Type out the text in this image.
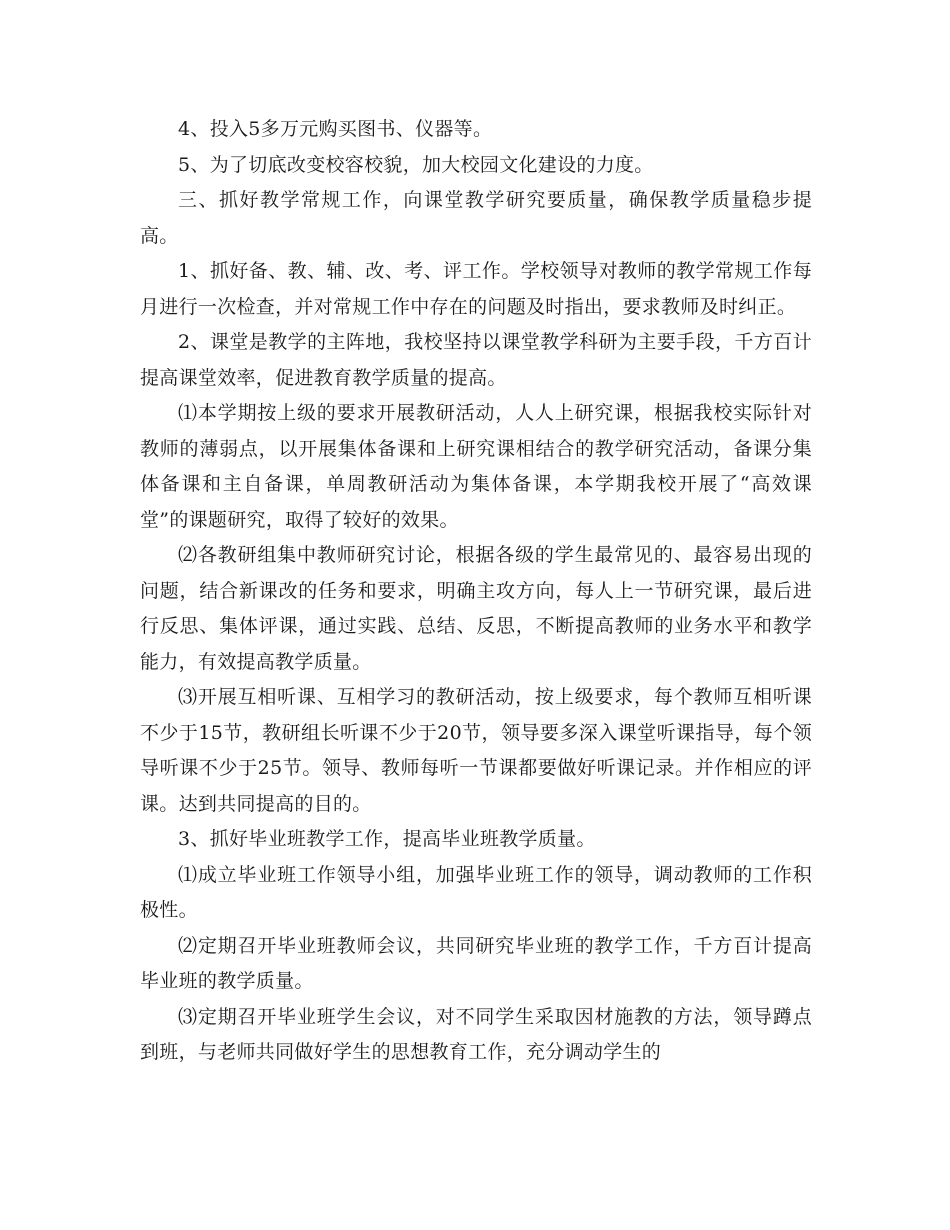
4、投入5多万元购买图书、仪器等。

5、为了切底改变校容校貌，加大校园文化建设的力度。

三、抓好教学常规工作，向课堂教学研究要质量，确保教学质量稳步提高。

1、抓好备、教、辅、改、考、评工作。学校领导对教师的教学常规工作每月进行一次检查，并对常规工作中存在的问题及时指出，要求教师及时纠正。

2、课堂是教学的主阵地，我校坚持以课堂教学科研为主要手段，千方百计提高课堂效率，促进教育教学质量的提高。

⑴本学期按上级的要求开展教研活动，人人上研究课，根据我校实际针对教师的薄弱点，以开展集体备课和上研究课相结合的教学研究活动，备课分集体备课和主自备课，单周教研活动为集体备课，本学期我校开展了“高效课堂”的课题研究，取得了较好的效果。

⑵各教研组集中教师研究讨论，根据各级的学生最常见的、最容易出现的问题，结合新课改的任务和要求，明确主攻方向，每人上一节研究课，最后进行反思、集体评课，通过实践、总结、反思，不断提高教师的业务水平和教学能力，有效提高教学质量。

⑶开展互相听课、互相学习的教研活动，按上级要求，每个教师互相听课不少于15节，教研组长听课不少于20节，领导要多深入课堂听课指导，每个领导听课不少于25节。领导、教师每听一节课都要做好听课记录。并作相应的评课。达到共同提高的目的。

3、抓好毕业班教学工作，提高毕业班教学质量。

⑴成立毕业班工作领导小组，加强毕业班工作的领导，调动教师的工作积极性。

⑵定期召开毕业班教师会议，共同研究毕业班的教学工作，千方百计提高毕业班的教学质量。

⑶定期召开毕业班学生会议，对不同学生采取因材施教的方法，领导蹲点到班，与老师共同做好学生的思想教育工作，充分调动学生的
